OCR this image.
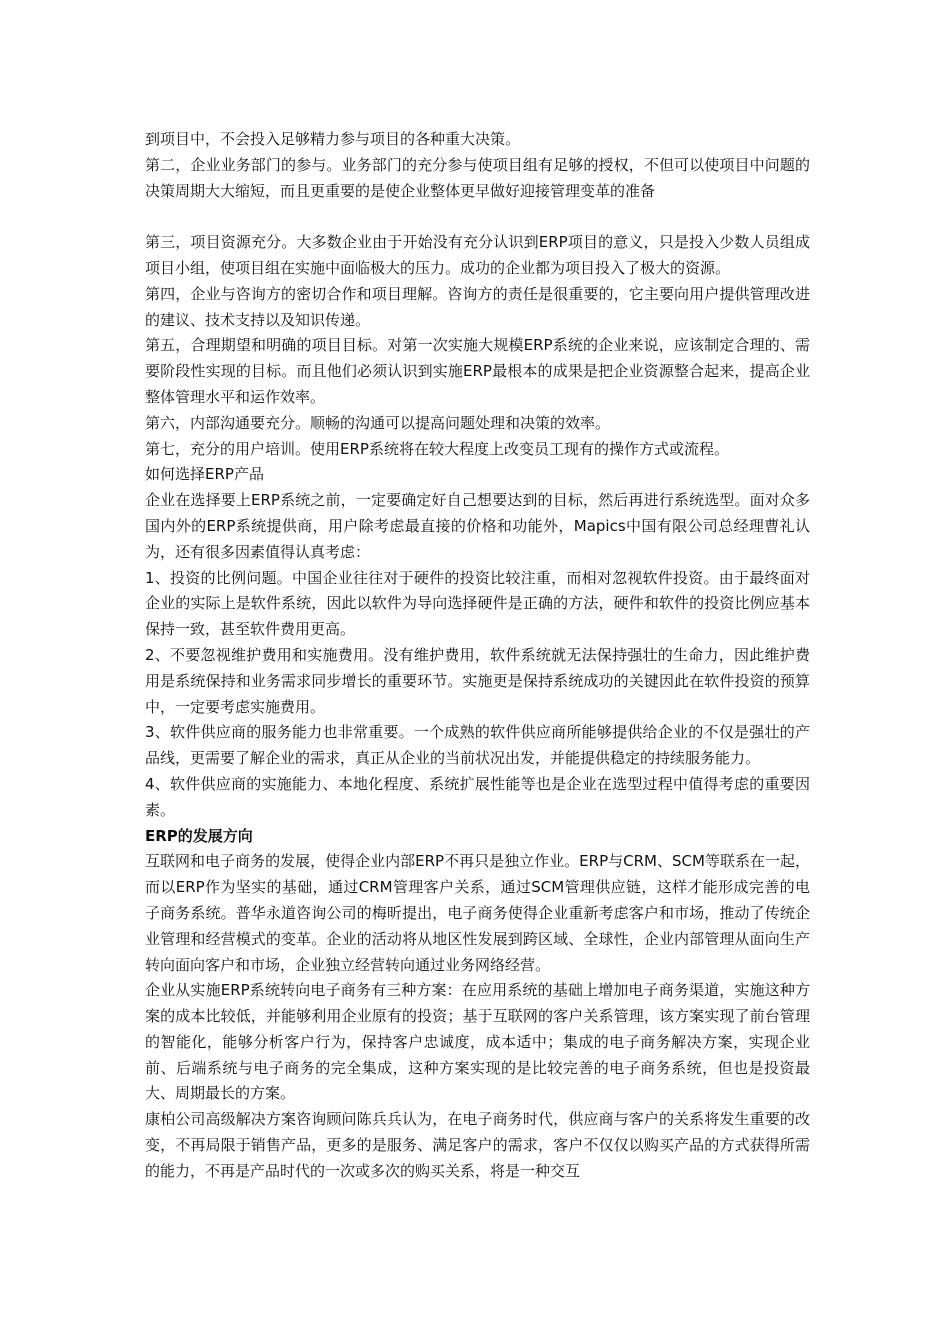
到项目中，不会投入足够精力参与项目的各种重大决策。

第二，企业业务部门的参与。业务部门的充分参与使项目组有足够的授权，不但可以使项目中问题的决策周期大大缩短，而且更重要的是使企业整体更早做好迎接管理变革的准备

第三，项目资源充分。大多数企业由于开始没有充分认识到ERP项目的意义，只是投入少数人员组成项目小组，使项目组在实施中面临极大的压力。成功的企业都为项目投入了极大的资源。

第四，企业与咨询方的密切合作和项目理解。咨询方的责任是很重要的，它主要向用户提供管理改进的建议、技术支持以及知识传递。

第五，合理期望和明确的项目目标。对第一次实施大规模ERP系统的企业来说，应该制定合理的、需要阶段性实现的目标。而且他们必须认识到实施ERP最根本的成果是把企业资源整合起来，提高企业整体管理水平和运作效率。

第六，内部沟通要充分。顺畅的沟通可以提高问题处理和决策的效率。

第七，充分的用户培训。使用ERP系统将在较大程度上改变员工现有的操作方式或流程。

如何选择ERP产品

企业在选择要上ERP系统之前，一定要确定好自己想要达到的目标，然后再进行系统选型。面对众多国内外的ERP系统提供商，用户除考虑最直接的价格和功能外，Mapics中国有限公司总经理曹礼认为，还有很多因素值得认真考虑：

1、投资的比例问题。中国企业往往对于硬件的投资比较注重，而相对忽视软件投资。由于最终面对企业的实际上是软件系统，因此以软件为导向选择硬件是正确的方法，硬件和软件的投资比例应基本保持一致，甚至软件费用更高。

2、不要忽视维护费用和实施费用。没有维护费用，软件系统就无法保持强壮的生命力，因此维护费用是系统保持和业务需求同步增长的重要环节。实施更是保持系统成功的关键因此在软件投资的预算中，一定要考虑实施费用。

3、软件供应商的服务能力也非常重要。一个成熟的软件供应商所能够提供给企业的不仅是强壮的产品线，更需要了解企业的需求，真正从企业的当前状况出发，并能提供稳定的持续服务能力。

4、软件供应商的实施能力、本地化程度、系统扩展性能等也是企业在选型过程中值得考虑的重要因素。

ERP的发展方向

互联网和电子商务的发展，使得企业内部ERP不再只是独立作业。ERP与CRM、SCM等联系在一起，而以ERP作为坚实的基础，通过CRM管理客户关系，通过SCM管理供应链，这样才能形成完善的电子商务系统。普华永道咨询公司的梅昕提出，电子商务使得企业重新考虑客户和市场，推动了传统企业管理和经营模式的变革。企业的活动将从地区性发展到跨区域、全球性，企业内部管理从面向生产转向面向客户和市场，企业独立经营转向通过业务网络经营。

企业从实施ERP系统转向电子商务有三种方案：在应用系统的基础上增加电子商务渠道，实施这种方案的成本比较低，并能够利用企业原有的投资；基于互联网的客户关系管理，该方案实现了前台管理的智能化，能够分析客户行为，保持客户忠诚度，成本适中；集成的电子商务解决方案，实现企业前、后端系统与电子商务的完全集成，这种方案实现的是比较完善的电子商务系统，但也是投资最大、周期最长的方案。

康柏公司高级解决方案咨询顾问陈兵兵认为，在电子商务时代，供应商与客户的关系将发生重要的改变，不再局限于销售产品，更多的是服务、满足客户的需求，客户不仅仅以购买产品的方式获得所需的能力，不再是产品时代的一次或多次的购买关系，将是一种交互
